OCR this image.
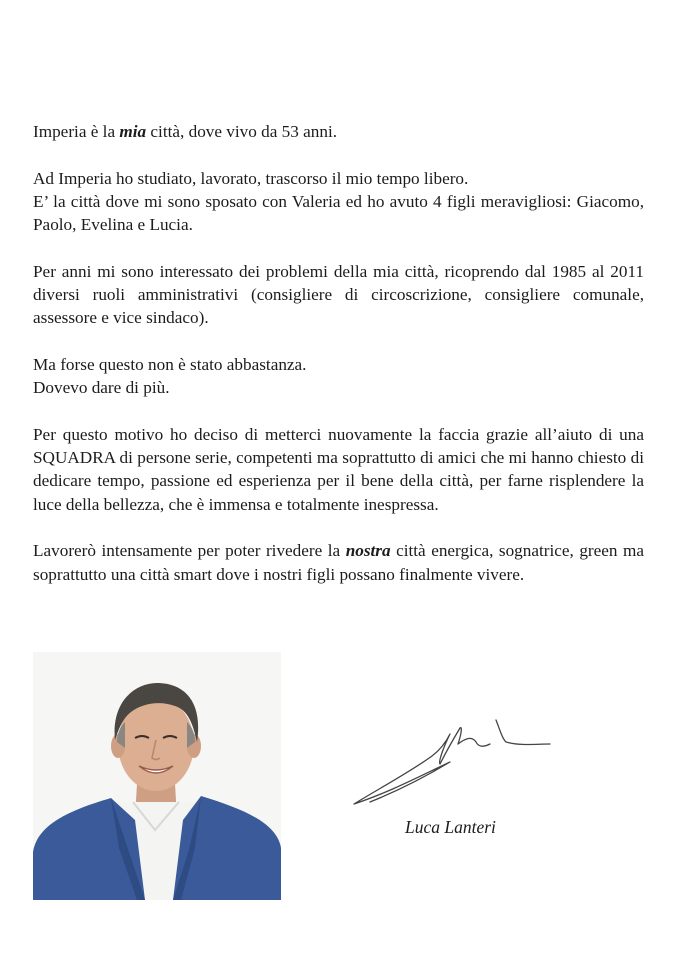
Imperia è la mia città, dove vivo da 53 anni.

Ad Imperia ho studiato, lavorato, trascorso il mio tempo libero.
E’ la città dove mi sono sposato con Valeria ed ho avuto 4 figli meravigliosi: Giacomo, Paolo, Evelina e Lucia.

Per anni mi sono interessato dei problemi della mia città, ricoprendo dal 1985 al 2011 diversi ruoli amministrativi (consigliere di circoscrizione, consigliere comunale, assessore e vice sindaco).

Ma forse questo non è stato abbastanza.
Dovevo dare di più.

Per questo motivo ho deciso di metterci nuovamente la faccia grazie all’aiuto di una SQUADRA di persone serie, competenti ma soprattutto di amici che mi hanno chiesto di dedicare tempo, passione ed esperienza per il bene della città, per farne risplendere la luce della bellezza, che è immensa e totalmente inespressa.

Lavorerò intensamente per poter rivedere la nostra città energica, sognatrice, green ma soprattutto una città smart dove i nostri figli possano finalmente vivere.

Luca Lanteri
